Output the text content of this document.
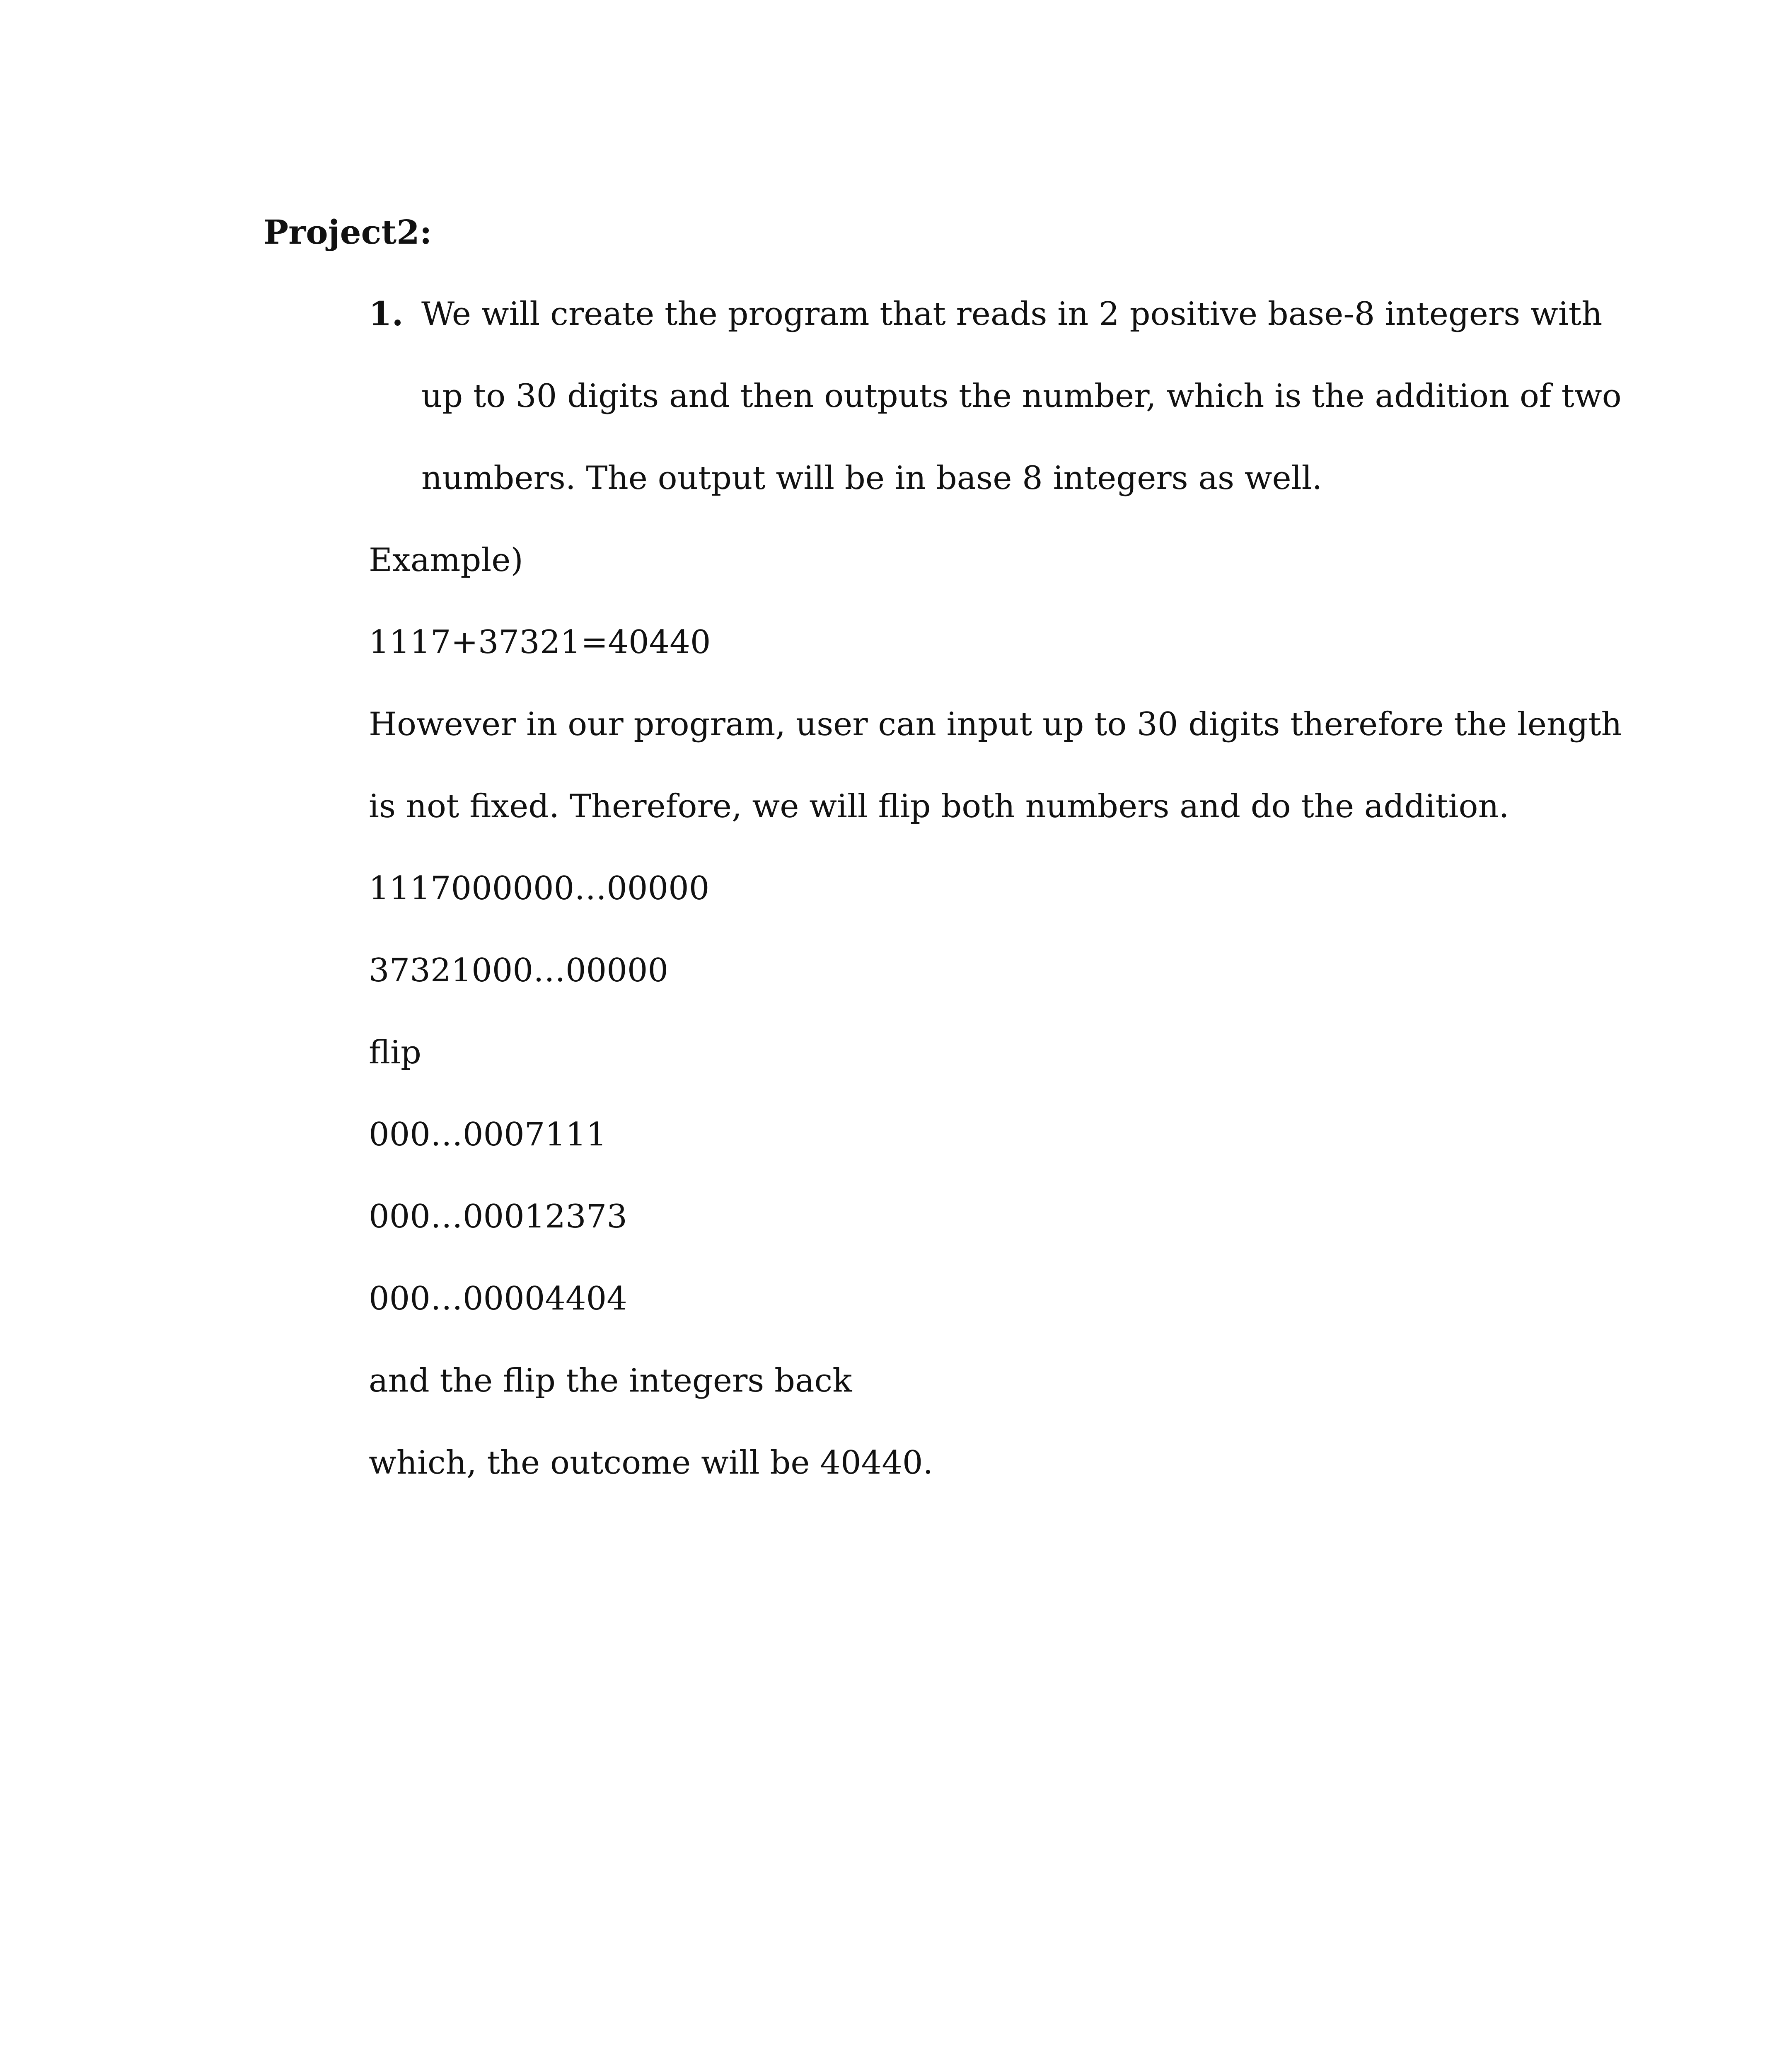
Project2:
1. We will create the program that reads in 2 positive base-8 integers with
up to 30 digits and then outputs the number, which is the addition of two
numbers. The output will be in base 8 integers as well.
Example)
1117+37321=40440
However in our program, user can input up to 30 digits therefore the length
is not fixed. Therefore, we will flip both numbers and do the addition.
1117000000…00000
37321000…00000
flip
000…0007111
000…00012373
000…00004404
and the flip the integers back
which, the outcome will be 40440.
